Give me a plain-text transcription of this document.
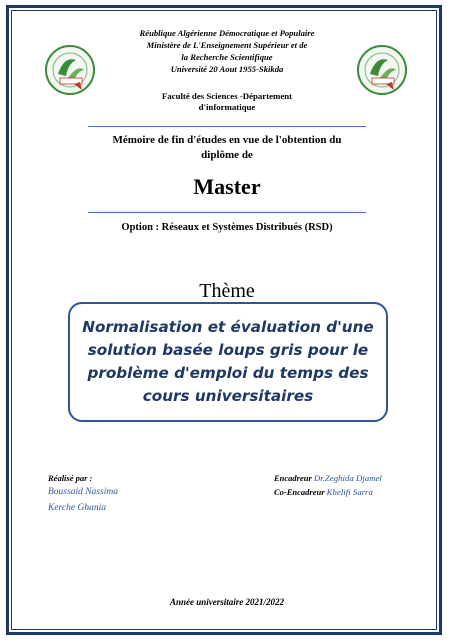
Réublique Algérienne Démocratique et Populaire
Ministère de L'Enseignement Supérieur et de
la Recherche Scientifique
Université 20 Aout 1955-Skikda
Faculté des Sciences -Département
d'informatique
Mémoire de fin d'études en vue de l'obtention du
diplôme de
Master
Option : Réseaux et Systèmes Distribués (RSD)
Thème
Normalisation et évaluation d'une
solution basée loups gris pour le
problème d'emploi du temps des
cours universitaires
Réalisé par :
Boussaid Nassima
Kerche Ghania
Encadreur Dr.Zeghida Djamel
Co-Encadreur Khelifi Sarra
Année universitaire 2021/2022
